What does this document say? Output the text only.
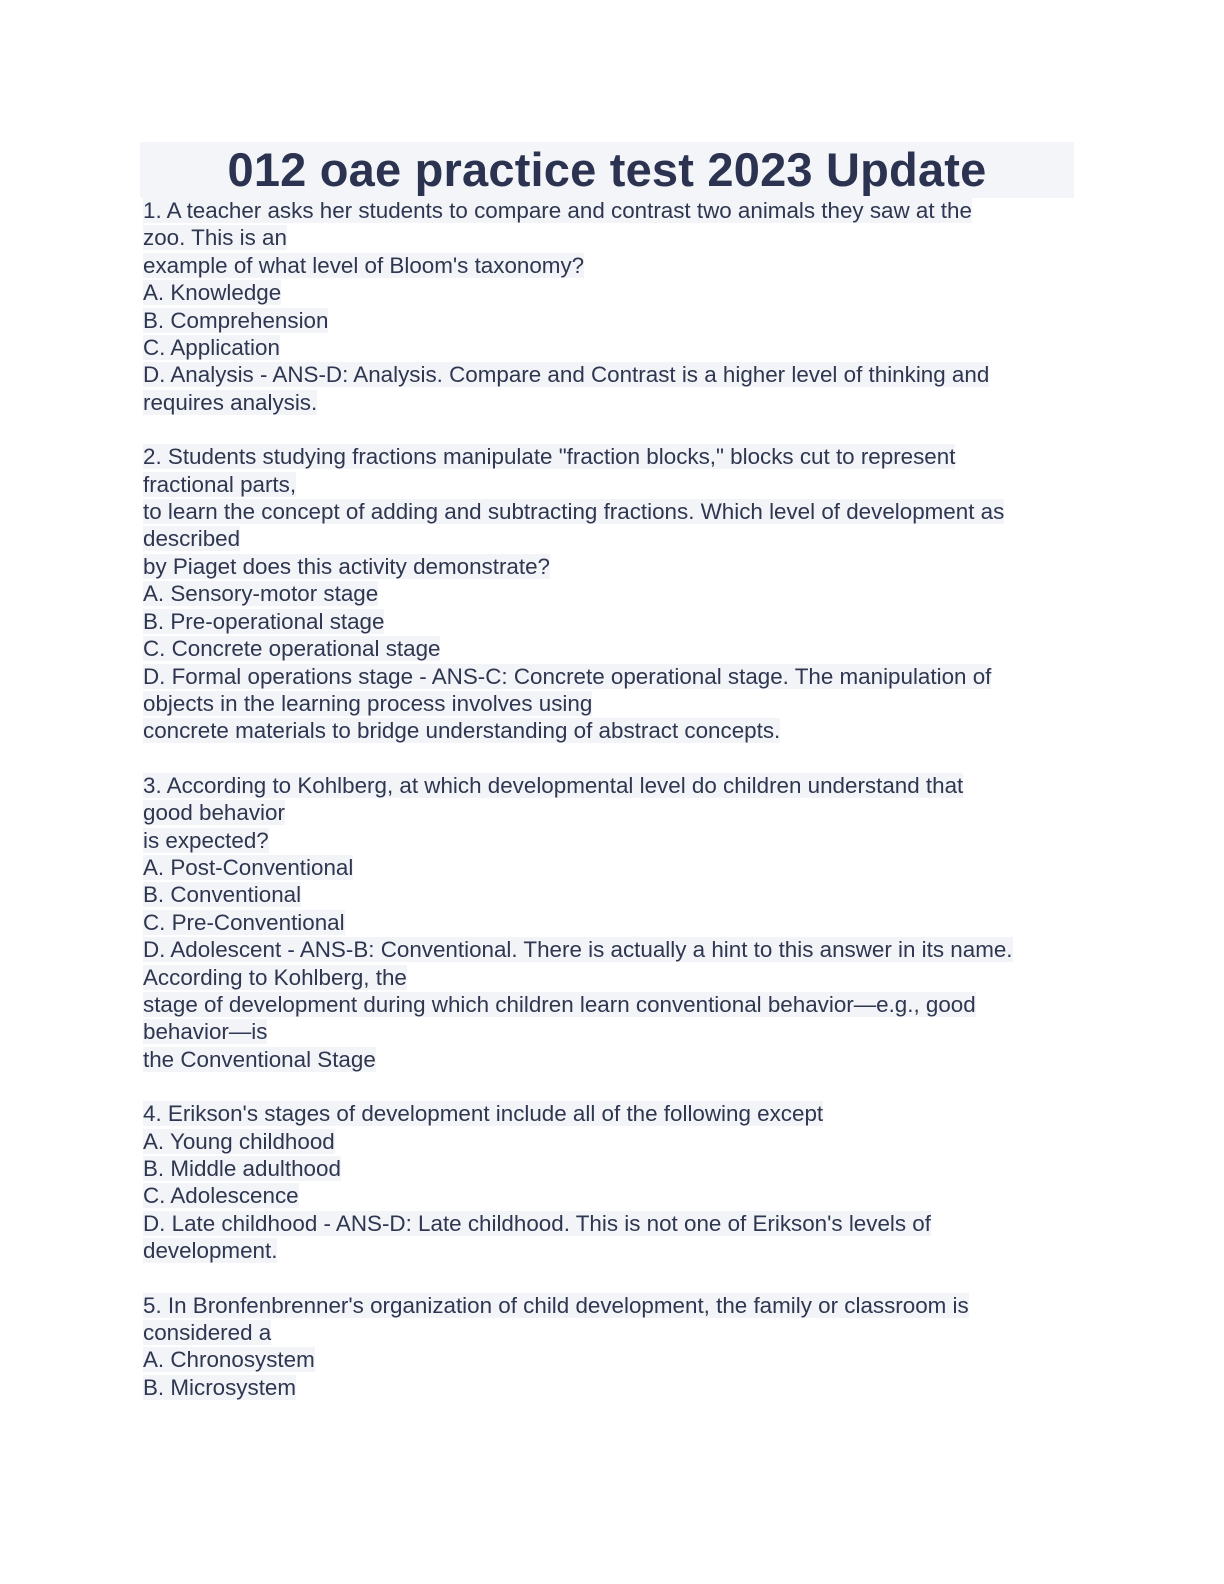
012 oae practice test 2023 Update
1. A teacher asks her students to compare and contrast two animals they saw at the
zoo. This is an
example of what level of Bloom's taxonomy?
A. Knowledge
B. Comprehension
C. Application
D. Analysis - ANS-D: Analysis. Compare and Contrast is a higher level of thinking and
requires analysis.
2. Students studying fractions manipulate "fraction blocks," blocks cut to represent
fractional parts,
to learn the concept of adding and subtracting fractions. Which level of development as
described
by Piaget does this activity demonstrate?
A. Sensory-motor stage
B. Pre-operational stage
C. Concrete operational stage
D. Formal operations stage - ANS-C: Concrete operational stage. The manipulation of
objects in the learning process involves using
concrete materials to bridge understanding of abstract concepts.
3. According to Kohlberg, at which developmental level do children understand that
good behavior
is expected?
A. Post-Conventional
B. Conventional
C. Pre-Conventional
D. Adolescent - ANS-B: Conventional. There is actually a hint to this answer in its name.
According to Kohlberg, the
stage of development during which children learn conventional behavior—e.g., good
behavior—is
the Conventional Stage
4. Erikson's stages of development include all of the following except
A. Young childhood
B. Middle adulthood
C. Adolescence
D. Late childhood - ANS-D: Late childhood. This is not one of Erikson's levels of
development.
5. In Bronfenbrenner's organization of child development, the family or classroom is
considered a
A. Chronosystem
B. Microsystem
